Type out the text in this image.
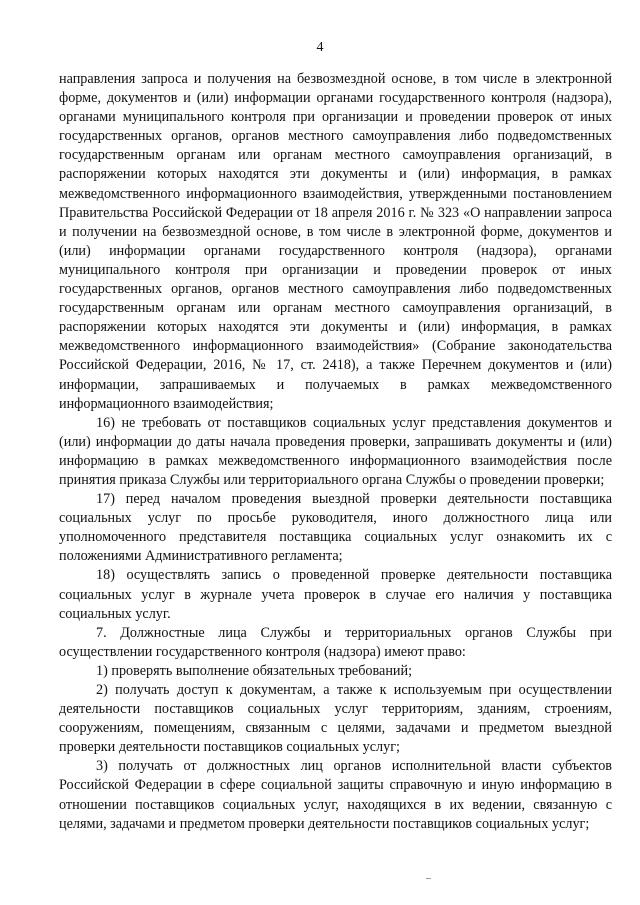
4

направления запроса и получения на безвозмездной основе, в том числе в электронной форме, документов и (или) информации органами государственного контроля (надзора), органами муниципального контроля при организации и проведении проверок от иных государственных органов, органов местного самоуправления либо подведомственных государственным органам или органам местного самоуправления организаций, в распоряжении которых находятся эти документы и (или) информация, в рамках межведомственного информационного взаимодействия, утвержденными постановлением Правительства Российской Федерации от 18 апреля 2016 г. № 323 «О направлении запроса и получении на безвозмездной основе, в том числе в электронной форме, документов и (или) информации органами государственного контроля (надзора), органами муниципального контроля при организации и проведении проверок от иных государственных органов, органов местного самоуправления либо подведомственных государственным органам или органам местного самоуправления организаций, в распоряжении которых находятся эти документы и (или) информация, в рамках межведомственного информационного взаимодействия» (Собрание законодательства Российской Федерации, 2016, № 17, ст. 2418), а также Перечнем документов и (или) информации, запрашиваемых и получаемых в рамках межведомственного информационного взаимодействия;

16) не требовать от поставщиков социальных услуг представления документов и (или) информации до даты начала проведения проверки, запрашивать документы и (или) информацию в рамках межведомственного информационного взаимодействия после принятия приказа Службы или территориального органа Службы о проведении проверки;

17) перед началом проведения выездной проверки деятельности поставщика социальных услуг по просьбе руководителя, иного должностного лица или уполномоченного представителя поставщика социальных услуг ознакомить их с положениями Административного регламента;

18) осуществлять запись о проведенной проверке деятельности поставщика социальных услуг в журнале учета проверок в случае его наличия у поставщика социальных услуг.

7. Должностные лица Службы и территориальных органов Службы при осуществлении государственного контроля (надзора) имеют право:

1) проверять выполнение обязательных требований;

2) получать доступ к документам, а также к используемым при осуществлении деятельности поставщиков социальных услуг территориям, зданиям, строениям, сооружениям, помещениям, связанным с целями, задачами и предметом выездной проверки деятельности поставщиков социальных услуг;

3) получать от должностных лиц органов исполнительной власти субъектов Российской Федерации в сфере социальной защиты справочную и иную информацию в отношении поставщиков социальных услуг, находящихся в их ведении, связанную с целями, задачами и предметом проверки деятельности поставщиков социальных услуг;
